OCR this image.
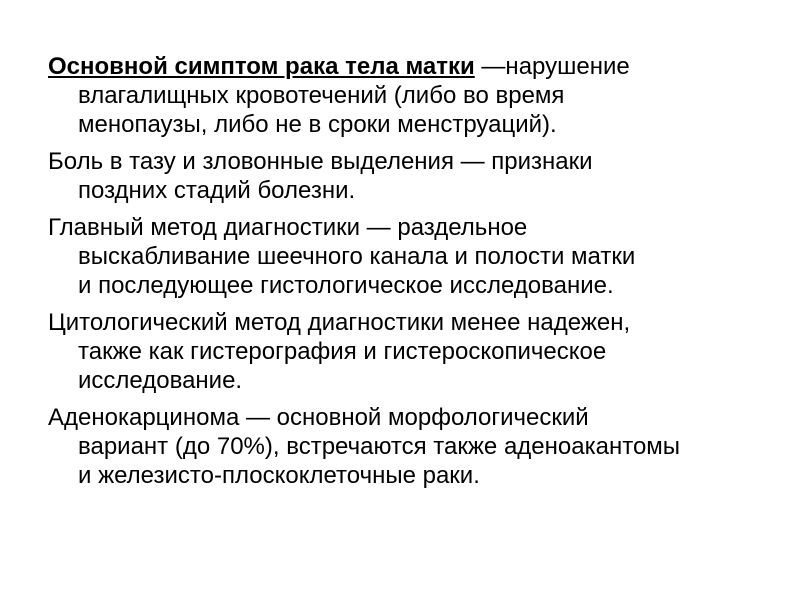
Основной симптом рака тела матки —нарушение
влагалищных кровотечений (либо во время
менопаузы, либо не в сроки менструаций).

Боль в тазу и зловонные выделения — признаки
поздних стадий болезни.

Главный метод диагностики — раздельное
выскабливание шеечного канала и полости матки
и последующее гистологическое исследование.

Цитологический метод диагностики менее надежен,
также как гистерография и гистероскопическое
исследование.

Аденокарцинома — основной морфологический
вариант (до 70%), встречаются также аденоакантомы
и железисто-плоскоклеточные раки.
